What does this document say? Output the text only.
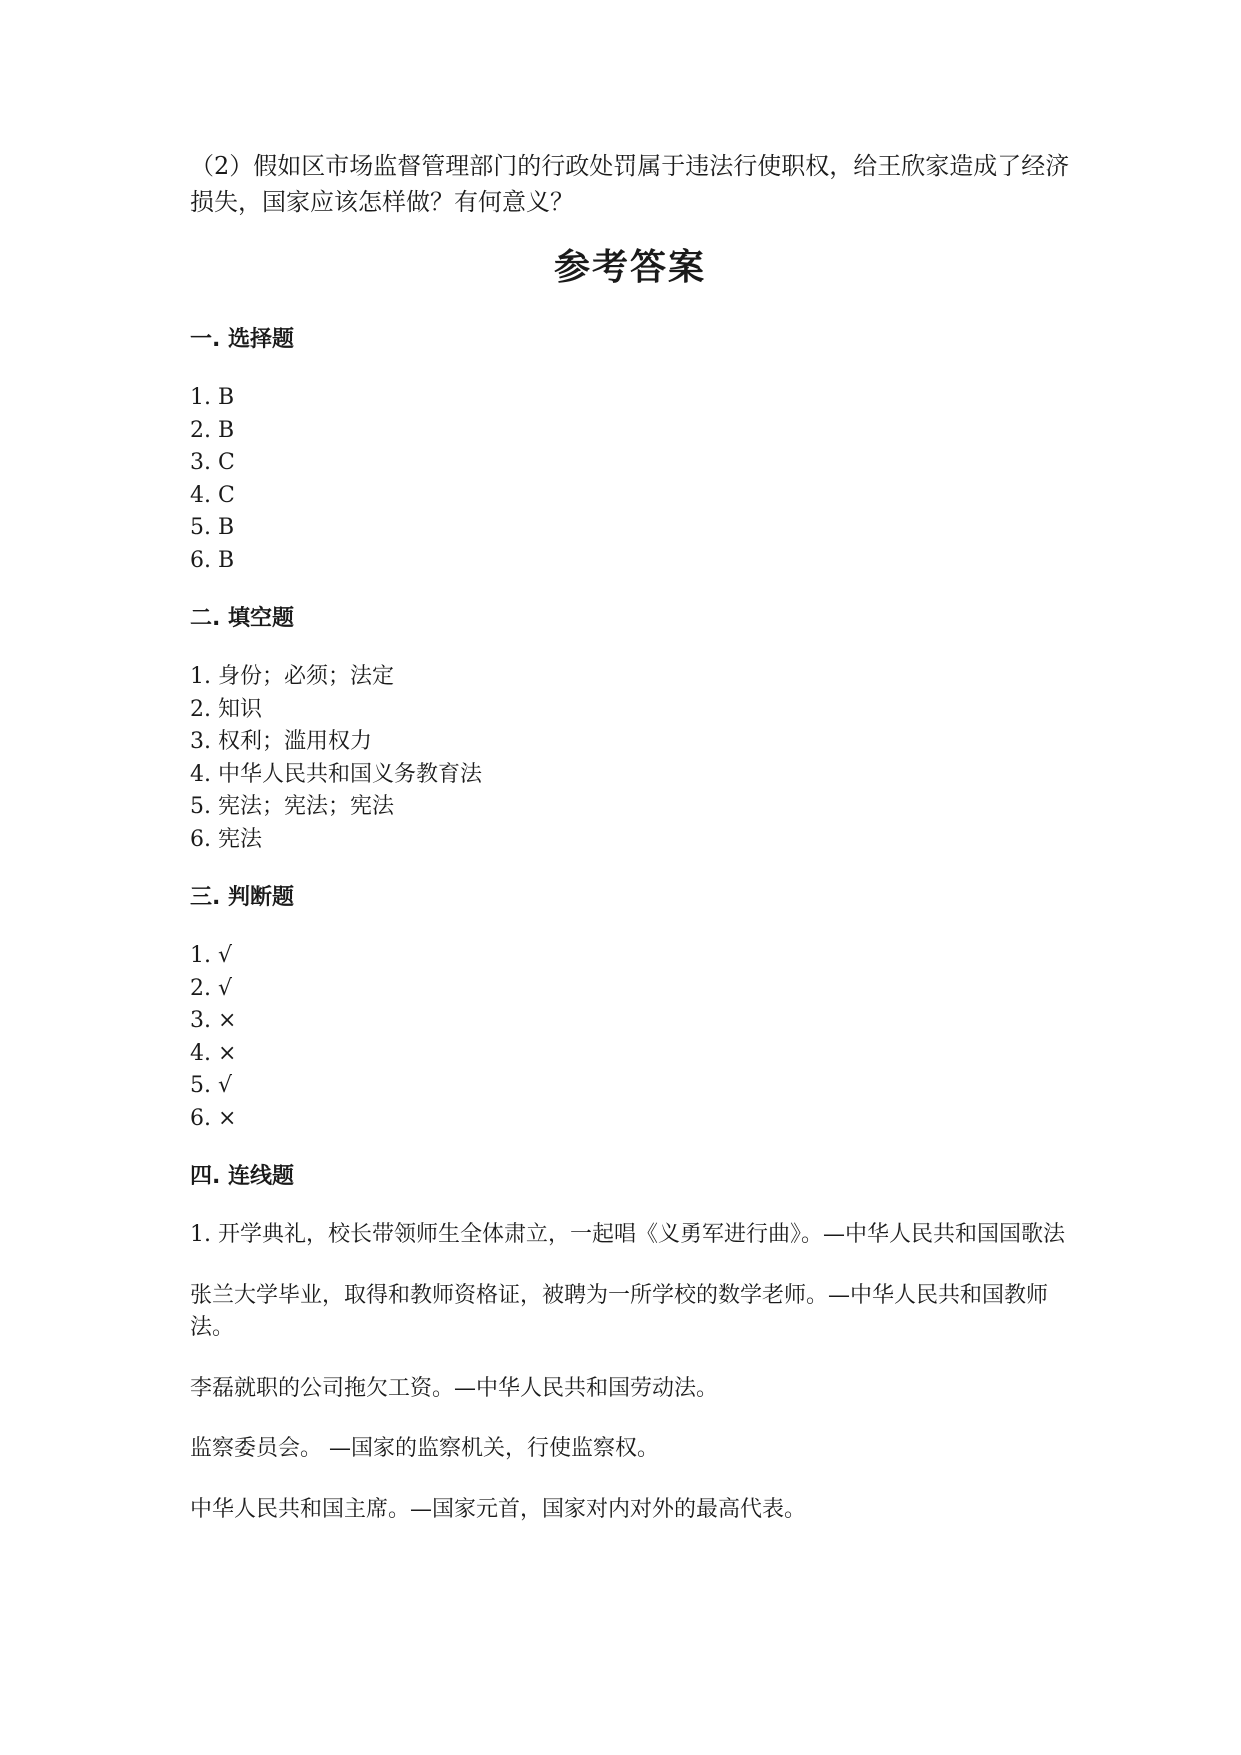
（2）假如区市场监督管理部门的行政处罚属于违法行使职权，给王欣家造成了经济损失，国家应该怎样做？有何意义？

参考答案
一. 选择题
1. B
2. B
3. C
4. C
5. B
6. B
二. 填空题
1. 身份；必须；法定
2. 知识
3. 权利；滥用权力
4. 中华人民共和国义务教育法
5. 宪法；宪法；宪法
6. 宪法
三. 判断题
1. √
2. √
3. ×
4. ×
5. √
6. ×
四. 连线题

1. 开学典礼，校长带领师生全体肃立，一起唱《义勇军进行曲》。—中华人民共和国国歌法

张兰大学毕业，取得和教师资格证，被聘为一所学校的数学老师。—中华人民共和国教师法。

李磊就职的公司拖欠工资。—中华人民共和国劳动法。

监察委员会。 —国家的监察机关，行使监察权。

中华人民共和国主席。—国家元首，国家对内对外的最高代表。
